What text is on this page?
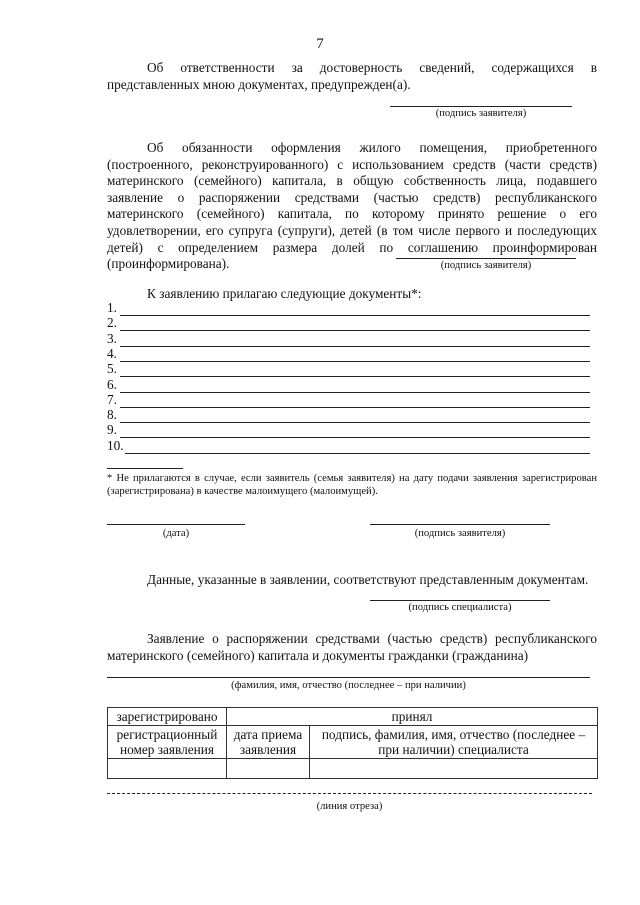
7
Об ответственности за достоверность сведений, содержащихся в представленных мною документах, предупрежден(а).
(подпись заявителя)
Об обязанности оформления жилого помещения, приобретенного (построенного, реконструированного) с использованием средств (части средств) материнского (семейного) капитала, в общую собственность лица, подавшего заявление о распоряжении средствами (частью средств) республиканского материнского (семейного) капитала, по которому принято решение о его удовлетворении, его супруга (супруги), детей (в том числе первого и последующих детей) с определением размера долей по соглашению проинформирован (проинформирована).	(подпись заявителя)
К заявлению прилагаю следующие документы*:
1.
2.
3.
4.
5.
6.
7.
8.
9.
10.
* Не прилагаются в случае, если заявитель (семья заявителя) на дату подачи заявления зарегистрирован (зарегистрирована) в качестве малоимущего (малоимущей).
(дата)	(подпись заявителя)
Данные, указанные в заявлении, соответствуют представленным документам.
(подпись специалиста)
Заявление о распоряжении средствами (частью средств) республиканского материнского (семейного) капитала и документы гражданки (гражданина)
(фамилия, имя, отчество (последнее – при наличии)
зарегистрировано	принял	
регистрационный номер заявления	дата приема заявления	подпись, фамилия, имя, отчество (последнее – при наличии) специалиста

(линия отреза)
